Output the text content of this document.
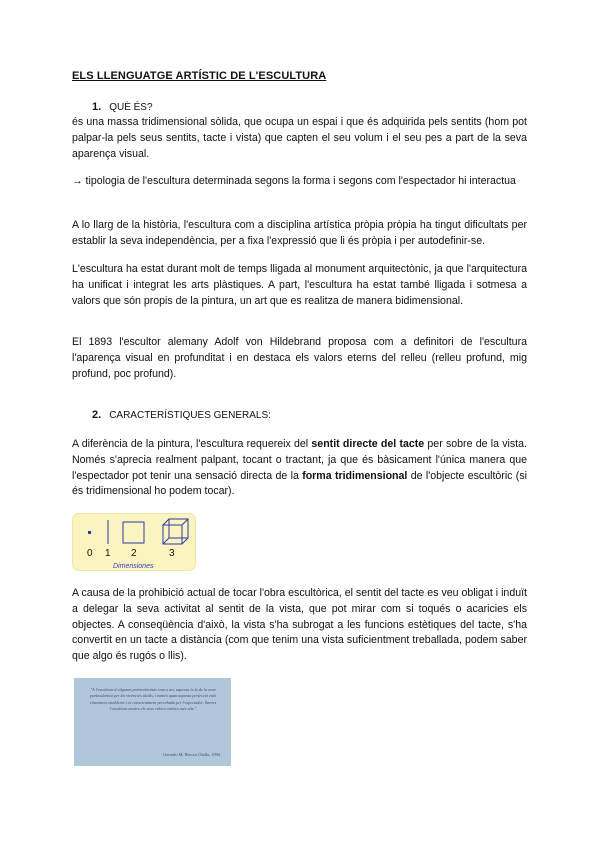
ELS LLENGUATGE ARTÍSTIC DE L'ESCULTURA
1. QUÈ ÉS?
és una massa tridimensional sòlida, que ocupa un espai i que és adquirida pels sentits (hom pot palpar-la pels seus sentits, tacte i vista) que capten el seu volum i el seu pes a part de la seva aparença visual.
→ tipologia de l'escultura determinada segons la forma i segons com l'espectador hi interactua
A lo llarg de la història, l'escultura com a disciplina artística pròpia pròpia ha tingut dificultats per establir la seva independència, per a fixa l'expressió que li és pròpia i per autodefinir-se.
L'escultura ha estat durant molt de temps lligada al monument arquitectònic, ja que l'arquitectura ha unificat i integrat les arts plàstiques. A part, l'escultura ha estat també lligada i sotmesa a valors que són propis de la pintura, un art que es realitza de manera bidimensional.
El 1893 l'escultor alemany Adolf von Hildebrand proposa com a definitori de l'escultura l'aparença visual en profunditat i en destaca els valors eterns del relleu (relleu profund, mig profund, poc profund).
2. CARACTERÍSTIQUES GENERALS:
A diferència de la pintura, l'escultura requereix del sentit directe del tacte per sobre de la vista. Només s'aprecia realment palpant, tocant o tractant, ja que és bàsicament l'única manera que l'espectador pot tenir una sensació directa de la forma tridimensional de l'objecte escultòric (si és tridimensional ho podem tocar).
0 1 2	3
Dimensiones
A causa de la prohibició actual de tocar l'obra escultòrica, el sentit del tacte es veu obligat i induït a delegar la seva activitat al sentit de la vista, que pot mirar com si toqués o acaricies els objectes. A conseqüència d'això, la vista s'ha subrogat a les funcions estètiques del tacte, s'ha convertit en un tacte a distància (com que tenim una vista suficientment treballada, podem saber que algo és rugós o llis).
"A l'escultura té algunes particularitats com a art, aquesta és la de la seva particularitat per les vivències táctils, i només quan aquesta perfecció està clarament establerta i és conscientment percebuda per l'espectador, llavors l'escultura mostra els seus valors estètics més alts."
Gerardo M. Brocos Otalla, 1994
